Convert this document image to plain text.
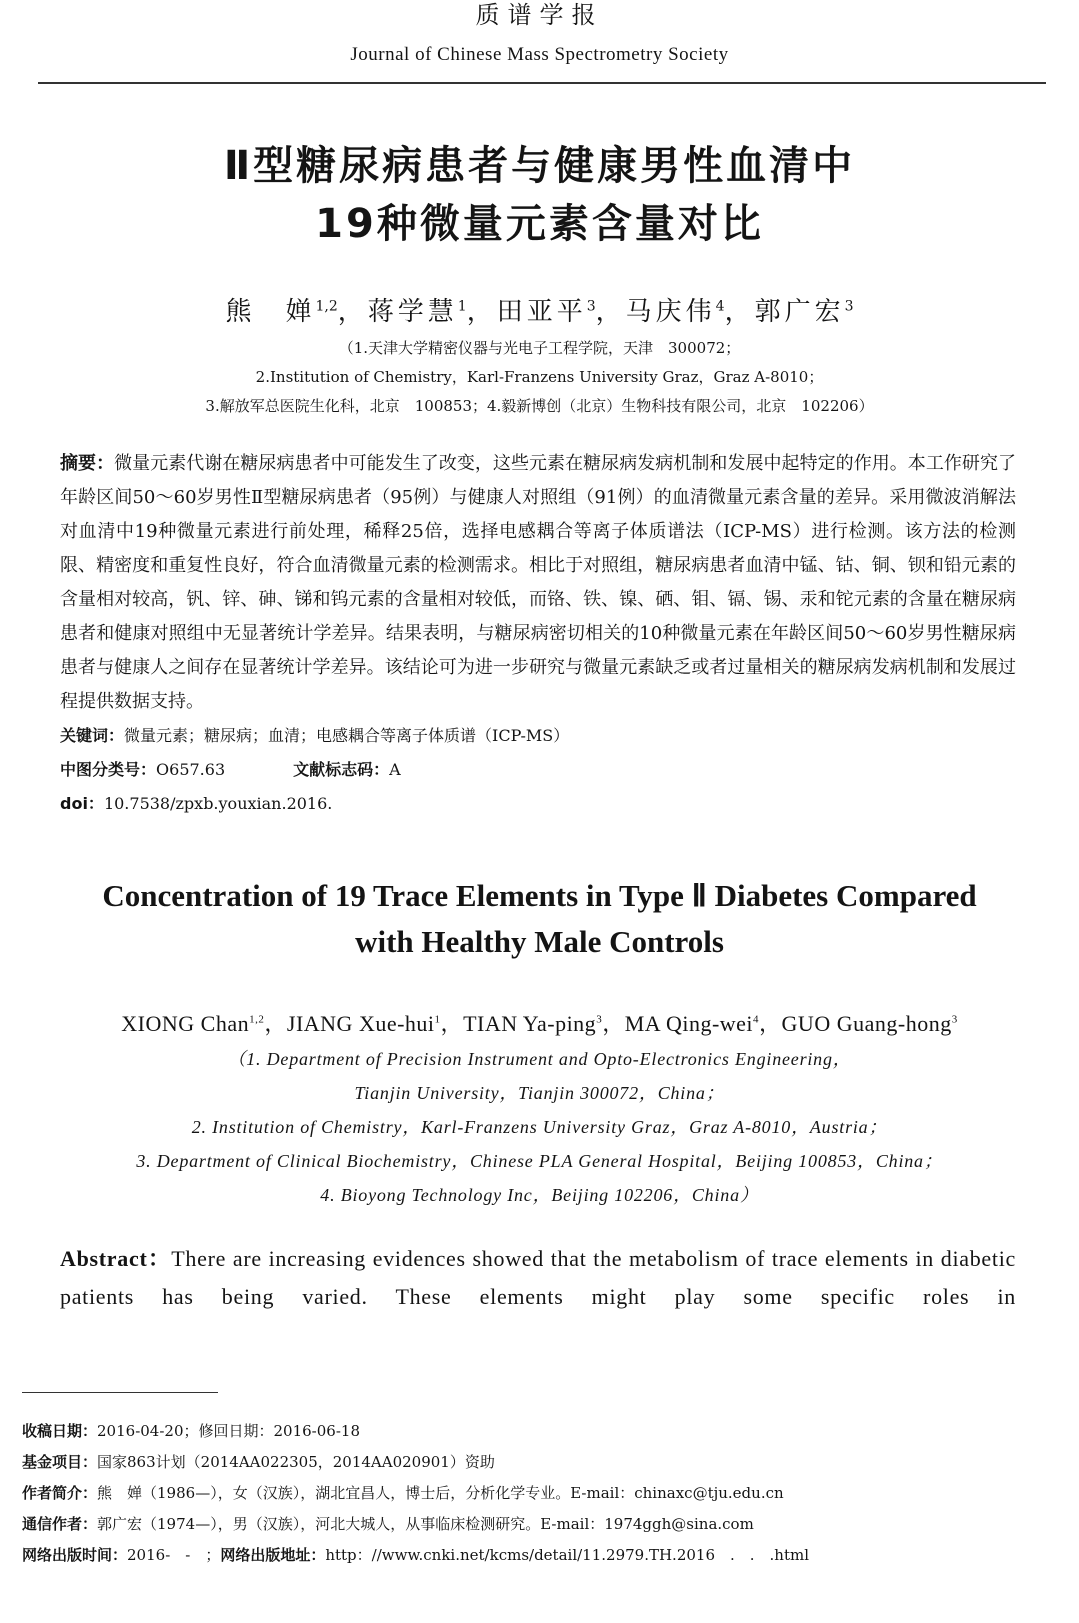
质谱学报
Journal of Chinese Mass Spectrometry Society
Ⅱ型糖尿病患者与健康男性血清中
19种微量元素含量对比
熊　婵$^{1,2}$，蒋学慧$^1$，田亚平$^3$，马庆伟$^4$，郭广宏$^3$
（1.天津大学精密仪器与光电子工程学院，天津　300072；
2.Institution of Chemistry，Karl-Franzens University Graz，Graz A-8010；
3.解放军总医院生化科，北京　100853；4.毅新博创（北京）生物科技有限公司，北京　102206）
摘要：微量元素代谢在糖尿病患者中可能发生了改变，这些元素在糖尿病发病机制和发展中起特定的作用。本工作研究了年龄区间50～60岁男性Ⅱ型糖尿病患者（95例）与健康人对照组（91例）的血清微量元素含量的差异。采用微波消解法对血清中19种微量元素进行前处理，稀释25倍，选择电感耦合等离子体质谱法（ICP-MS）进行检测。该方法的检测限、精密度和重复性良好，符合血清微量元素的检测需求。相比于对照组，糖尿病患者血清中锰、钴、铜、钡和铅元素的含量相对较高，钒、锌、砷、锑和钨元素的含量相对较低，而铬、铁、镍、硒、钼、镉、锡、汞和铊元素的含量在糖尿病患者和健康对照组中无显著统计学差异。结果表明，与糖尿病密切相关的10种微量元素在年龄区间50～60岁男性糖尿病患者与健康人之间存在显著统计学差异。该结论可为进一步研究与微量元素缺乏或者过量相关的糖尿病发病机制和发展过程提供数据支持。
关键词：微量元素；糖尿病；血清；电感耦合等离子体质谱（ICP-MS）
中图分类号：O657.63	文献标志码：A
doi：10.7538/zpxb.youxian.2016.
Concentration of 19 Trace Elements in Type Ⅱ Diabetes Compared
with Healthy Male Controls
XIONG Chan$^{1,2}$，JIANG Xue-hui$^1$，TIAN Ya-ping$^3$，MA Qing-wei$^4$，GUO Guang-hong$^3$
（1. Department of Precision Instrument and Opto-Electronics Engineering，
Tianjin University，Tianjin 300072，China；
2. Institution of Chemistry，Karl-Franzens University Graz，Graz A-8010，Austria；
3. Department of Clinical Biochemistry，Chinese PLA General Hospital，Beijing 100853，China；
4. Bioyong Technology Inc，Beijing 102206，China）
Abstract：There are increasing evidences showed that the metabolism of trace elements in diabetic patients has being varied. These elements might play some specific roles in
收稿日期：2016-04-20；修回日期：2016-06-18
基金项目：国家863计划（2014AA022305，2014AA020901）资助
作者简介：熊　婵（1986—），女（汉族），湖北宜昌人，博士后，分析化学专业。E-mail：chinaxc@tju.edu.cn
通信作者：郭广宏（1974—），男（汉族），河北大城人，从事临床检测研究。E-mail：1974ggh@sina.com
网络出版时间：2016-　-　；网络出版地址：http：//www.cnki.net/kcms/detail/11.2979.TH.2016　.　.　.html
